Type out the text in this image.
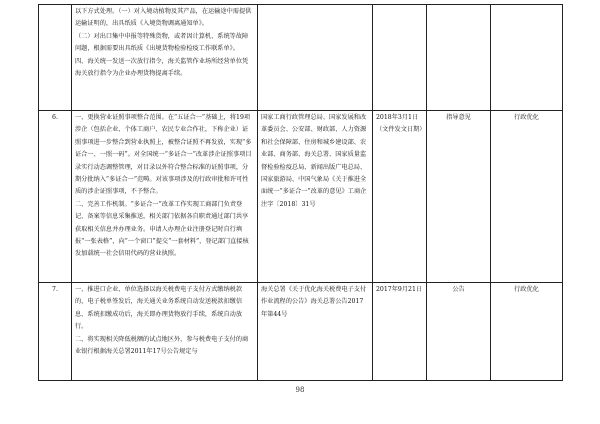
	以下方式处理。（一）对入境动植物及其产品，在运输途中需提供运输证明的，出具纸质《入境货物调离通知单》。
（二）对出口集中申报等特殊货物，或者因计算机、系统等故障问题，根据需要出具纸质《出境货物检验检疫工作联系单》。
四、海关统一发送一次放行指令，海关监管作业场所经营单位凭海关放行指令为企业办理货物提离手续。				

6.	一、更换营业证照事项整合范围。在“五证合一”基础上，将19项涉企（包括企业、个体工商户、农民专业合作社，下称企业）证照事项进一步整合到营业执照上，被整合证照不再发放，实现“多证合一、一照一码”。对全国统一“多证合一”改革涉企证照事项目录实行动态调整管理，对目录以外符合整合标准的证照事项，分期分批纳入“多证合一”范畴。对该事项涉及的行政审批和许可性质的涉企证照事项，不予整合。
二、完善工作机制。“多证合一”改革工作实现工商部门负责登记、备案等信息采集推送，相关部门依据各自职责通过部门共享获取相关信息并办理业务。申请人办理企业注册登记时自行填报“一张表格”，向“一个窗口”提交“一套材料”，登记部门直接核发加载统一社会信用代码的营业执照。	国家工商行政管理总局、国家发展和改革委员会、公安部、财政部、人力资源和社会保障部、住房和城乡建设部、农业部、商务部、海关总署、国家质量监督检验检疫总局、新闻出版广电总局、国家旅游局、中国气象局《关于推进全面统一“多证合一”改革的意见》工商企注字〔2018〕31号	2018年3月1日（文件发文日期）	指导意见	行政优化
7.	一、推进口企业、单位选择以海关税费电子支付方式缴纳税款的，电子税单签发后，海关通关业务系统自动发送税款扣缴信息，系统扣缴成功后，海关即办理货物放行手续，系统自动放行。
二、将实现相关降低税额的试点地区外，参与税费电子支付的商业银行根据海关总署2011年17号公告规定与	海关总署《关于优化海关税费电子支付作业流程的公告》海关总署公告2017年第44号	2017年9月21日	公告	行政优化
98
